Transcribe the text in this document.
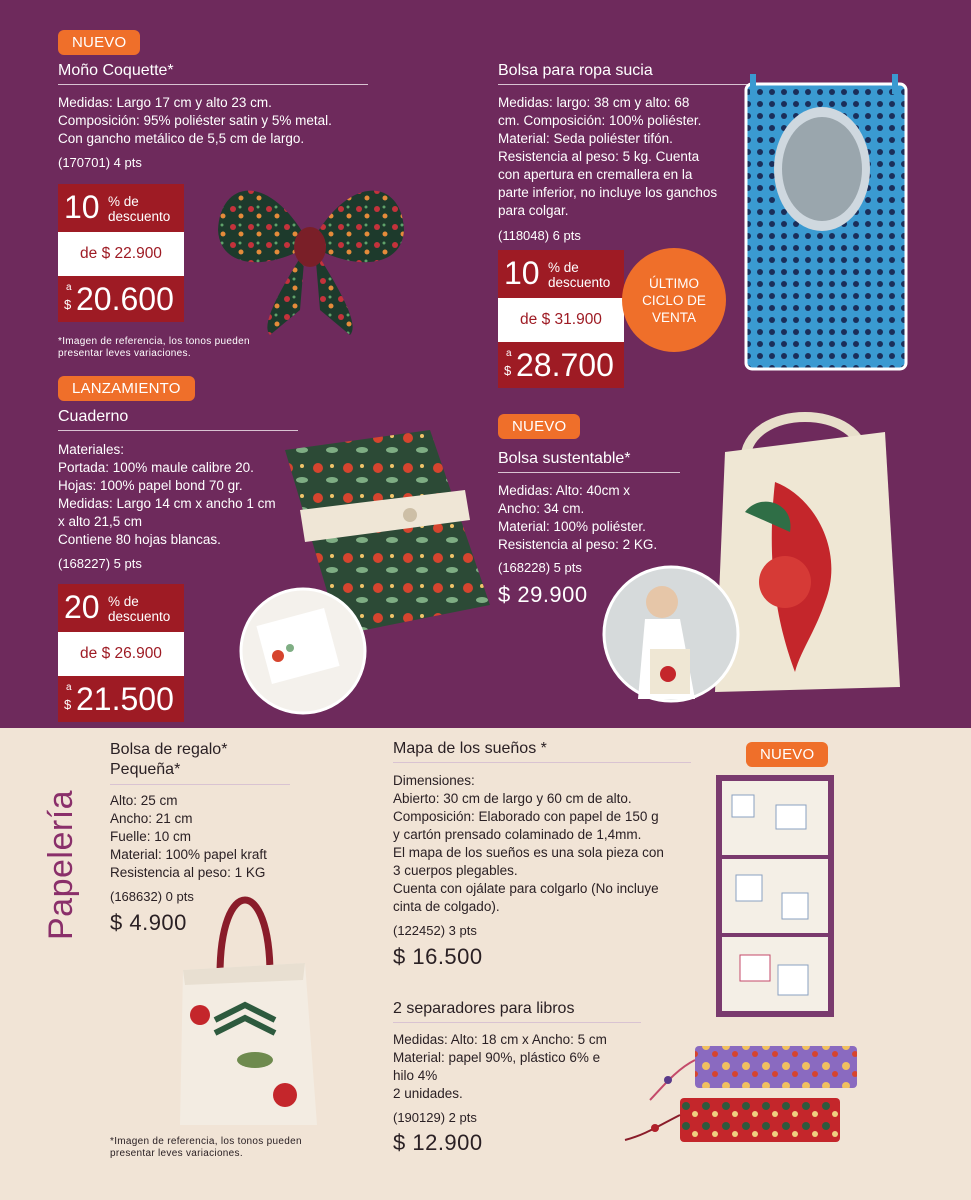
NUEVO
Moño Coquette*
Medidas: Largo 17 cm y alto 23 cm.
Composición: 95% poliéster satin y 5% metal.
Con gancho metálico de 5,5 cm de largo.
(170701) 4 pts
10 % de descuento
de $ 22.900
a
$ 20.600
*Imagen de referencia, los tonos pueden presentar leves variaciones.
Bolsa para ropa sucia
Medidas: largo: 38 cm y alto: 68
cm. Composición: 100% poliéster.
Material: Seda poliéster tifón.
Resistencia al peso: 5 kg. Cuenta
con apertura en cremallera en la
parte inferior, no incluye los ganchos
para colgar.
(118048) 6 pts
10 % de descuento
de $ 31.900
a
$ 28.700
ÚLTIMO CICLO DE VENTA
LANZAMIENTO
Cuaderno
Materiales:
Portada: 100% maule calibre 20.
Hojas: 100% papel bond 70 gr.
Medidas: Largo 14 cm x ancho 1 cm
x alto 21,5 cm
Contiene 80 hojas blancas.
(168227) 5 pts
20 % de descuento
de $ 26.900
a
$ 21.500
NUEVO
Bolsa sustentable*
Medidas: Alto: 40cm x
Ancho: 34 cm.
Material: 100% poliéster.
Resistencia al peso: 2 KG.
(168228) 5 pts
$ 29.900
Papelería
Bolsa de regalo*
Pequeña*
Alto: 25 cm
Ancho: 21 cm
Fuelle: 10 cm
Material: 100% papel kraft
Resistencia al peso: 1 KG
(168632) 0 pts
$ 4.900
*Imagen de referencia, los tonos pueden presentar leves variaciones.
Mapa de los sueños *
Dimensiones:
Abierto: 30 cm de largo y 60 cm de alto.
Composición: Elaborado con papel de 150 g
y cartón prensado colaminado de 1,4mm.
El mapa de los sueños es una sola pieza con
3 cuerpos plegables.
Cuenta con ojálate para colgarlo (No incluye
cinta de colgado).
(122452) 3 pts
$ 16.500
NUEVO
2 separadores para libros
Medidas: Alto: 18 cm x Ancho: 5 cm
Material: papel 90%, plástico 6% e
hilo 4%
2 unidades.
(190129) 2 pts
$ 12.900
